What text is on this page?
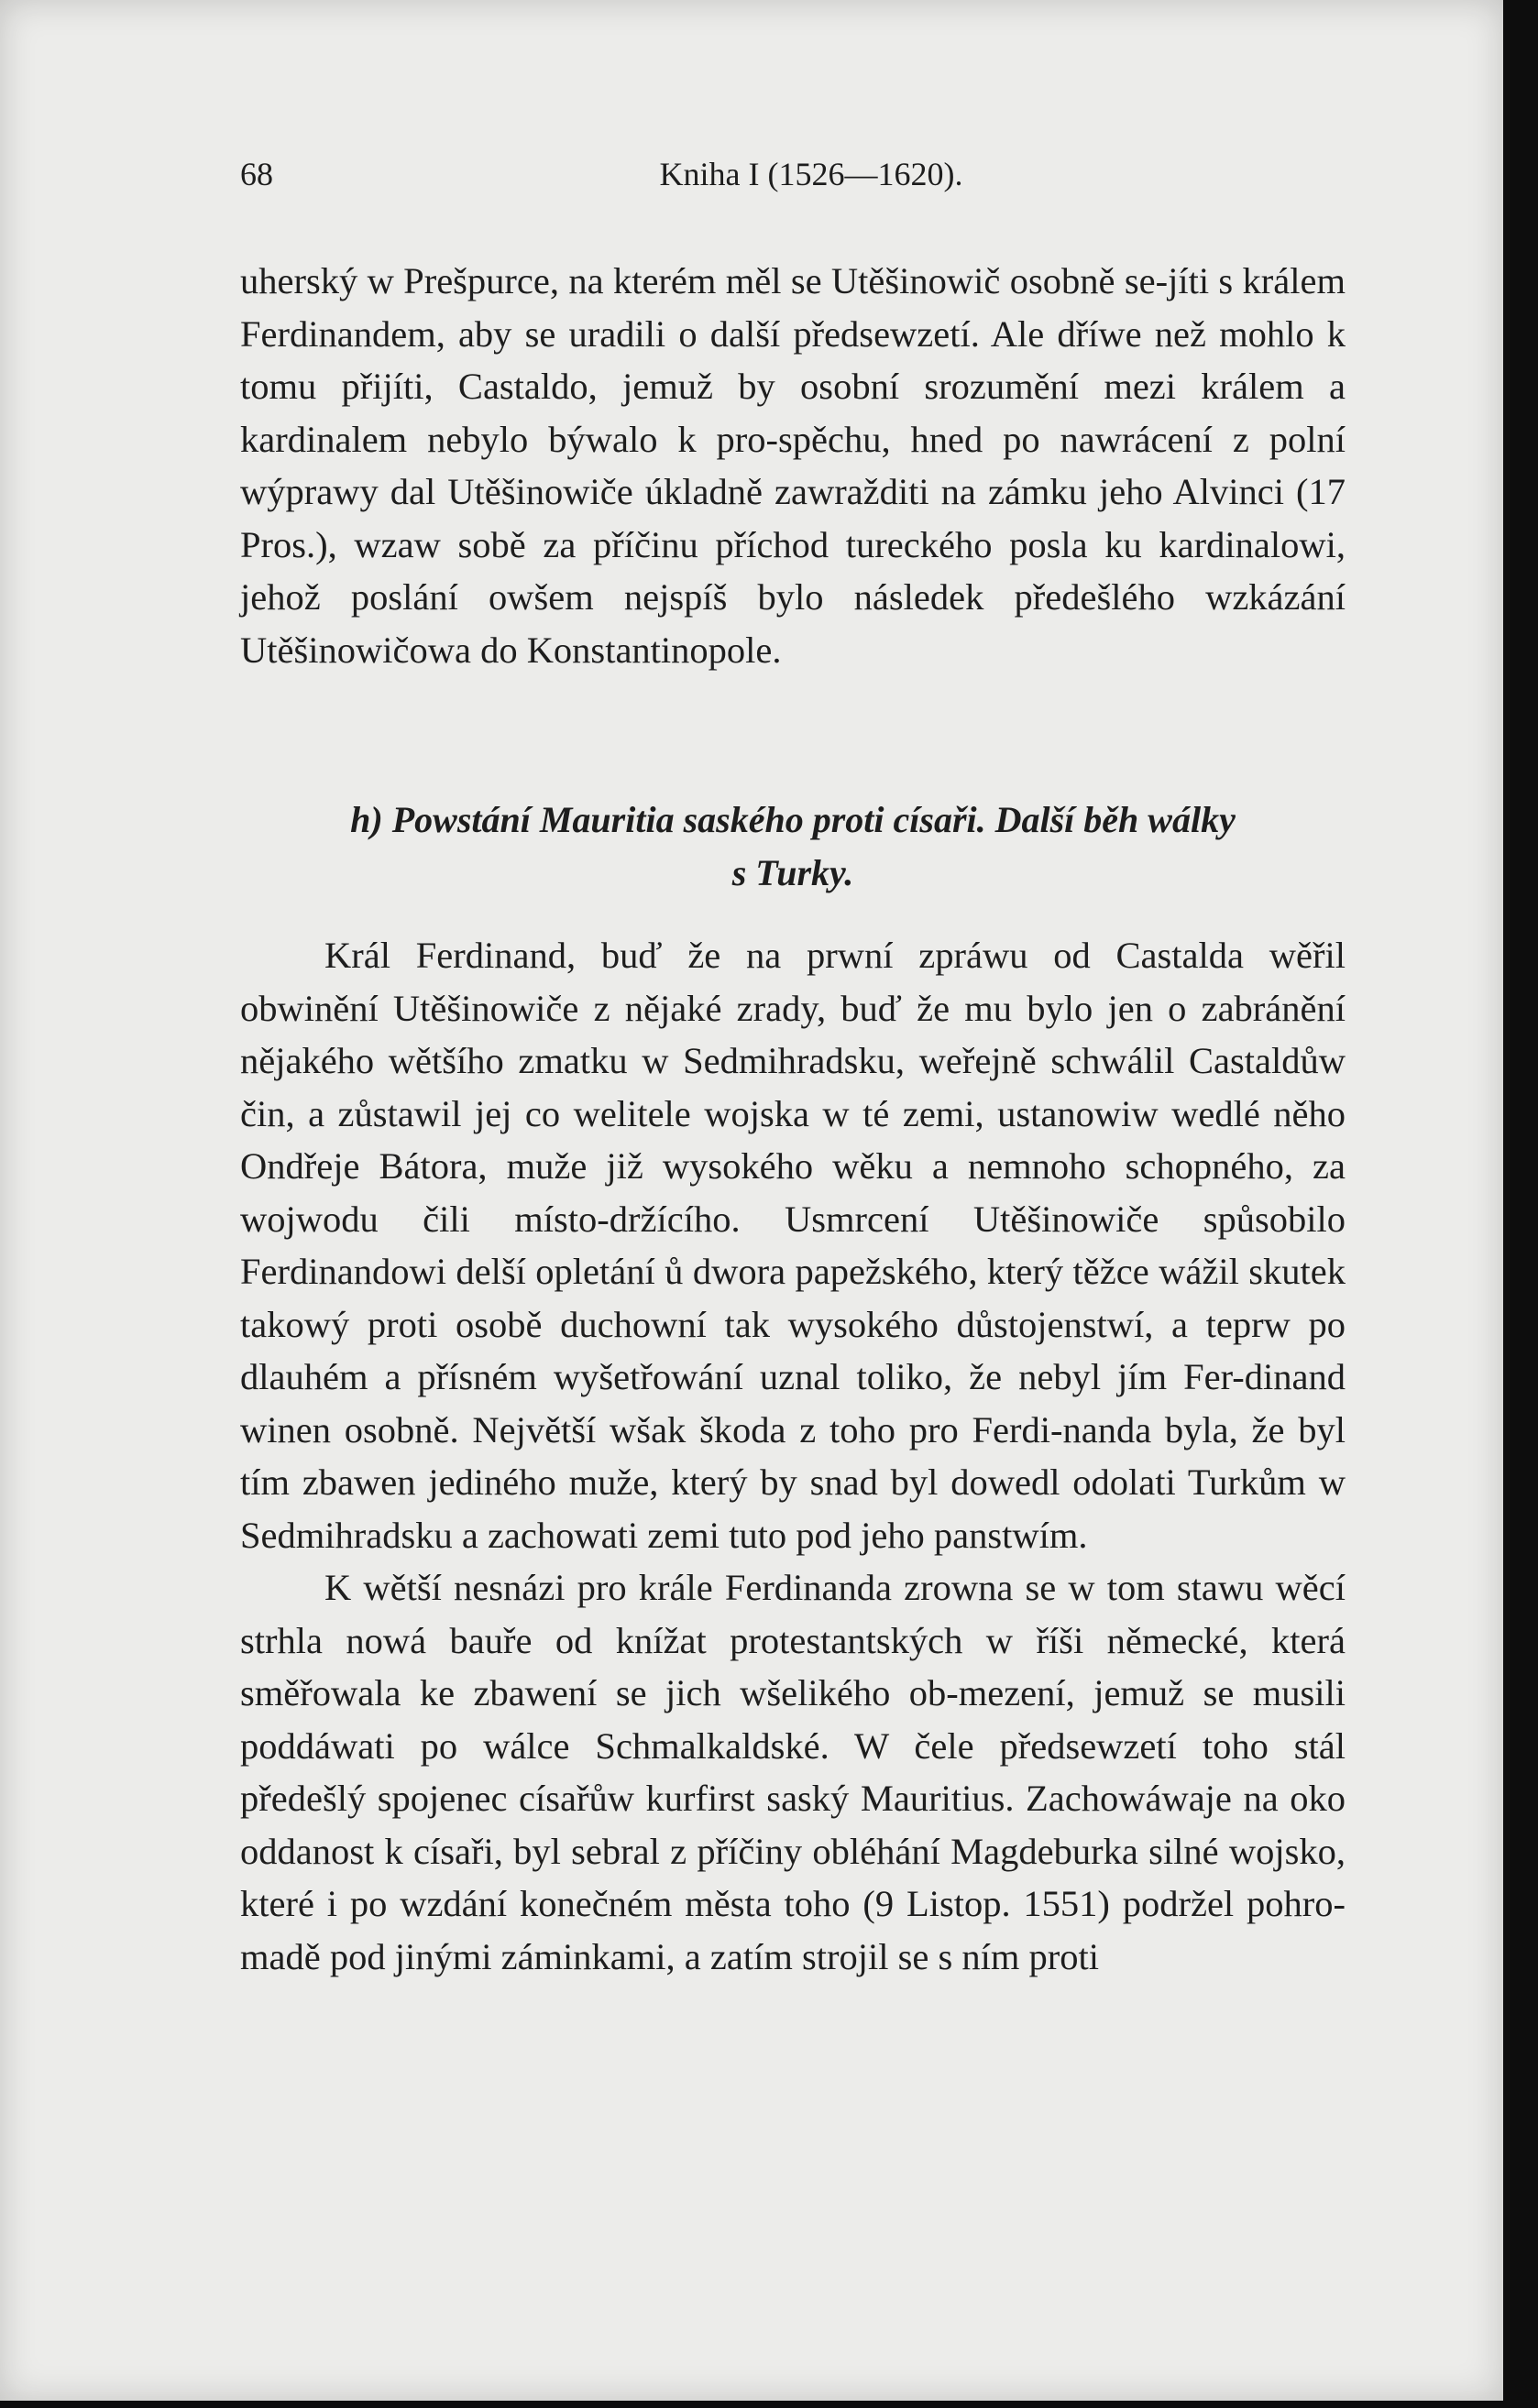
68	Kniha I (1526—1620).

uherský w Prešpurce, na kterém měl se Utěšinowič osobně se-jíti s králem Ferdinandem, aby se uradili o další předsewzetí. Ale dříwe než mohlo k tomu přijíti, Castaldo, jemuž by osobní srozumění mezi králem a kardinalem nebylo býwalo k pro-spěchu, hned po nawrácení z polní wýprawy dal Utěšinowiče úkladně zawražditi na zámku jeho Alvinci (17 Pros.), wzaw sobě za příčinu příchod tureckého posla ku kardinalowi, jehož poslání owšem nejspíš bylo následek předešlého wzkázání Utěšinowičowa do Konstantinopole.

h) Powstání Mauritia saského proti císaři. Další běh wálky
s Turky.

Král Ferdinand, buď že na prwní zpráwu od Castalda wěřil obwinění Utěšinowiče z nějaké zrady, buď že mu bylo jen o zabránění nějakého wětšího zmatku w Sedmihradsku, weřejně schwálil Castaldůw čin, a zůstawil jej co welitele wojska w té zemi, ustanowiw wedlé něho Ondřeje Bátora, muže již wysokého wěku a nemnoho schopného, za wojwodu čili místo-držícího. Usmrcení Utěšinowiče spůsobilo Ferdinandowi delší opletání ů dwora papežského, který těžce wážil skutek takowý proti osobě duchowní tak wysokého důstojenstwí, a teprw po dlauhém a přísném wyšetřowání uznal toliko, že nebyl jím Fer-dinand winen osobně. Největší wšak škoda z toho pro Ferdi-nanda byla, že byl tím zbawen jediného muže, který by snad byl dowedl odolati Turkům w Sedmihradsku a zachowati zemi tuto pod jeho panstwím.

K wětší nesnázi pro krále Ferdinanda zrowna se w tom stawu wěcí strhla nowá bauře od knížat protestantských w říši německé, která směřowala ke zbawení se jich wšelikého ob-mezení, jemuž se musili poddáwati po wálce Schmalkaldské. W čele předsewzetí toho stál předešlý spojenec císařůw kurfirst saský Mauritius. Zachowáwaje na oko oddanost k císaři, byl sebral z příčiny obléhání Magdeburka silné wojsko, které i po wzdání konečném města toho (9 Listop. 1551) podržel pohro-madě pod jinými záminkami, a zatím strojil se s ním proti
